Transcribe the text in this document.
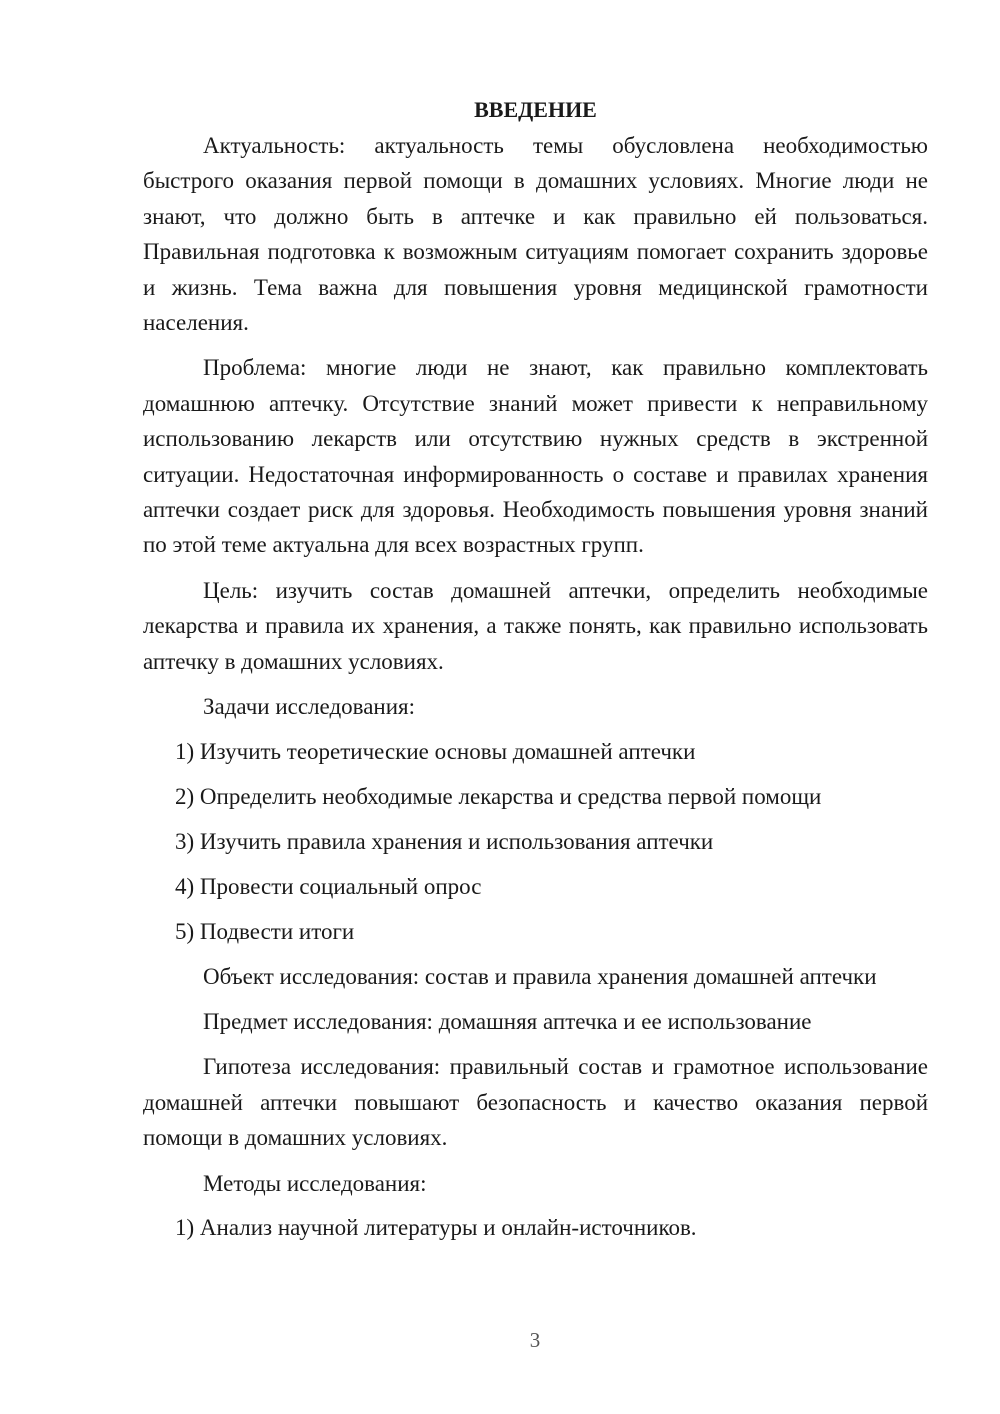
ВВЕДЕНИЕ

Актуальность: актуальность темы обусловлена необходимостью быстрого оказания первой помощи в домашних условиях. Многие люди не знают, что должно быть в аптечке и как правильно ей пользоваться. Правильная подготовка к возможным ситуациям помогает сохранить здоровье и жизнь. Тема важна для повышения уровня медицинской грамотности населения.

Проблема: многие люди не знают, как правильно комплектовать домашнюю аптечку. Отсутствие знаний может привести к неправильному использованию лекарств или отсутствию нужных средств в экстренной ситуации. Недостаточная информированность о составе и правилах хранения аптечки создает риск для здоровья. Необходимость повышения уровня знаний по этой теме актуальна для всех возрастных групп.

Цель: изучить состав домашней аптечки, определить необходимые лекарства и правила их хранения, а также понять, как правильно использовать аптечку в домашних условиях.

Задачи исследования:

1) Изучить теоретические основы домашней аптечки

2) Определить необходимые лекарства и средства первой помощи

3) Изучить правила хранения и использования аптечки

4) Провести социальный опрос

5) Подвести итоги

Объект исследования: состав и правила хранения домашней аптечки

Предмет исследования: домашняя аптечка и ее использование

Гипотеза исследования: правильный состав и грамотное использование домашней аптечки повышают безопасность и качество оказания первой помощи в домашних условиях.

Методы исследования:

1) Анализ научной литературы и онлайн-источников.

3
